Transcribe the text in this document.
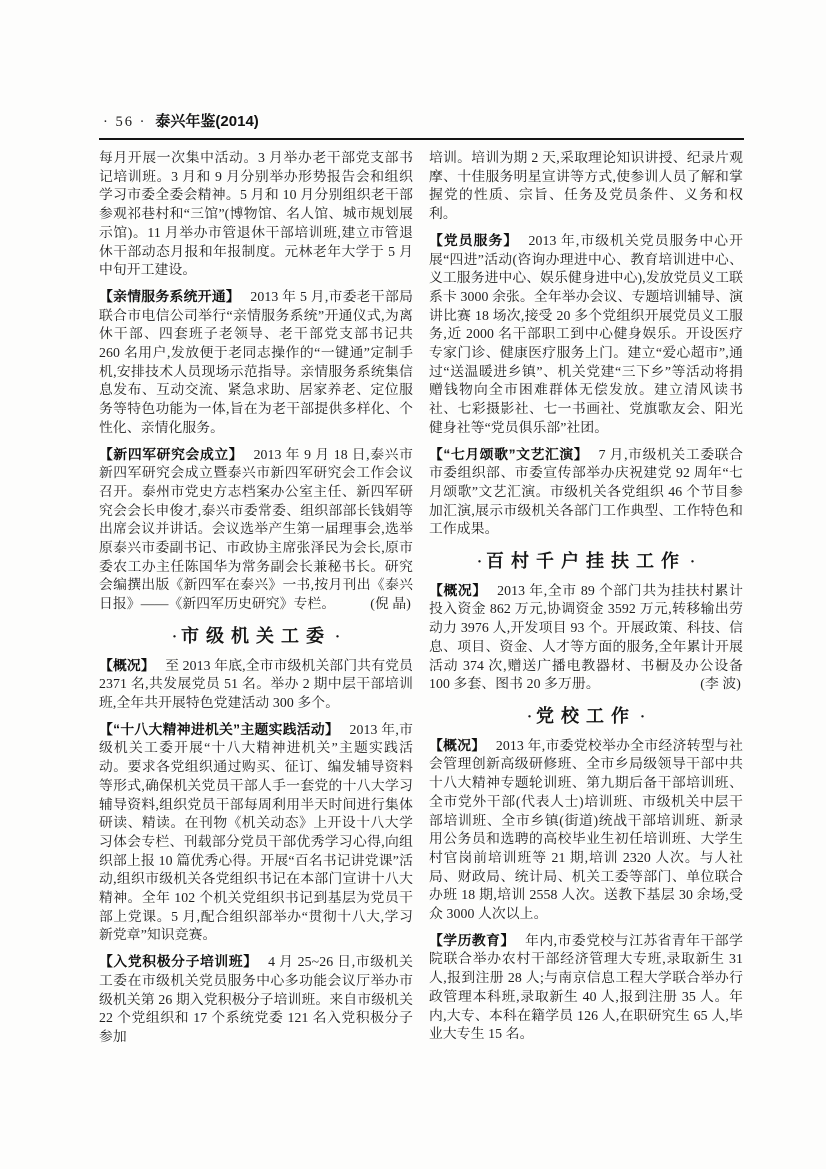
· 56 · 泰兴年鉴(2014)

每月开展一次集中活动。3 月举办老干部党支部书记培训班。3 月和 9 月分别举办形势报告会和组织学习市委全委会精神。5 月和 10 月分别组织老干部参观祁巷村和“三馆”(博物馆、名人馆、城市规划展示馆)。11 月举办市管退休干部培训班,建立市管退休干部动态月报和年报制度。元林老年大学于 5 月中旬开工建设。

【亲情服务系统开通】 2013 年 5 月,市委老干部局联合市电信公司举行“亲情服务系统”开通仪式,为离休干部、四套班子老领导、老干部党支部书记共 260 名用户,发放便于老同志操作的“一键通”定制手机,安排技术人员现场示范指导。亲情服务系统集信息发布、互动交流、紧急求助、居家养老、定位服务等特色功能为一体,旨在为老干部提供多样化、个性化、亲情化服务。

【新四军研究会成立】 2013 年 9 月 18 日,泰兴市新四军研究会成立暨泰兴市新四军研究会工作会议召开。泰州市党史方志档案办公室主任、新四军研究会会长申俊才,泰兴市委常委、组织部部长钱娟等出席会议并讲话。会议选举产生第一届理事会,选举原泰兴市委副书记、市政协主席张泽民为会长,原市委农工办主任陈国华为常务副会长兼秘书长。研究会编撰出版《新四军在泰兴》一书,按月刊出《泰兴日报》——《新四军历史研究》专栏。	(倪 晶)
· 市级机关工委 ·

【概况】 至 2013 年底,全市市级机关部门共有党员 2371 名,共发展党员 51 名。举办 2 期中层干部培训班,全年共开展特色党建活动 300 多个。

【“十八大精神进机关”主题实践活动】 2013 年,市级机关工委开展“十八大精神进机关”主题实践活动。要求各党组织通过购买、征订、编发辅导资料等形式,确保机关党员干部人手一套党的十八大学习辅导资料,组织党员干部每周利用半天时间进行集体研读、精读。在刊物《机关动态》上开设十八大学习体会专栏、刊载部分党员干部优秀学习心得,向组织部上报 10 篇优秀心得。开展“百名书记讲党课”活动,组织市级机关各党组织书记在本部门宣讲十八大精神。全年 102 个机关党组织书记到基层为党员干部上党课。5 月,配合组织部举办“贯彻十八大,学习新党章”知识竞赛。

【入党积极分子培训班】 4 月 25~26 日,市级机关工委在市级机关党员服务中心多功能会议厅举办市级机关第 26 期入党积极分子培训班。来自市级机关 22 个党组织和 17 个系统党委 121 名入党积极分子参加

培训。培训为期 2 天,采取理论知识讲授、纪录片观摩、十佳服务明星宣讲等方式,使参训人员了解和掌握党的性质、宗旨、任务及党员条件、义务和权利。

【党员服务】 2013 年,市级机关党员服务中心开展“四进”活动(咨询办理进中心、教育培训进中心、义工服务进中心、娱乐健身进中心),发放党员义工联系卡 3000 余张。全年举办会议、专题培训辅导、演讲比赛 18 场次,接受 20 多个党组织开展党员义工服务,近 2000 名干部职工到中心健身娱乐。开设医疗专家门诊、健康医疗服务上门。建立“爱心超市”,通过“送温暖进乡镇”、机关党建“三下乡”等活动将捐赠钱物向全市困难群体无偿发放。建立清风读书社、七彩摄影社、七一书画社、党旗歌友会、阳光健身社等“党员俱乐部”社团。

【“七月颂歌”文艺汇演】 7 月,市级机关工委联合市委组织部、市委宣传部举办庆祝建党 92 周年“七月颂歌”文艺汇演。市级机关各党组织 46 个节目参加汇演,展示市级机关各部门工作典型、工作特色和工作成果。

· 百村千户挂扶工作 ·

【概况】 2013 年,全市 89 个部门共为挂扶村累计投入资金 862 万元,协调资金 3592 万元,转移输出劳动力 3976 人,开发项目 93 个。开展政策、科技、信息、项目、资金、人才等方面的服务,全年累计开展活动 374 次,赠送广播电教器材、书橱及办公设备 100 多套、图书 20 多万册。	(李 波)
· 党校工作 ·

【概况】 2013 年,市委党校举办全市经济转型与社会管理创新高级研修班、全市乡局级领导干部中共十八大精神专题轮训班、第九期后备干部培训班、全市党外干部(代表人士)培训班、市级机关中层干部培训班、全市乡镇(街道)统战干部培训班、新录用公务员和选聘的高校毕业生初任培训班、大学生村官岗前培训班等 21 期,培训 2320 人次。与人社局、财政局、统计局、机关工委等部门、单位联合办班 18 期,培训 2558 人次。送教下基层 30 余场,受众 3000 人次以上。

【学历教育】 年内,市委党校与江苏省青年干部学院联合举办农村干部经济管理大专班,录取新生 31 人,报到注册 28 人;与南京信息工程大学联合举办行政管理本科班,录取新生 40 人,报到注册 35 人。年内,大专、本科在籍学员 126 人,在职研究生 65 人,毕业大专生 15 名。
